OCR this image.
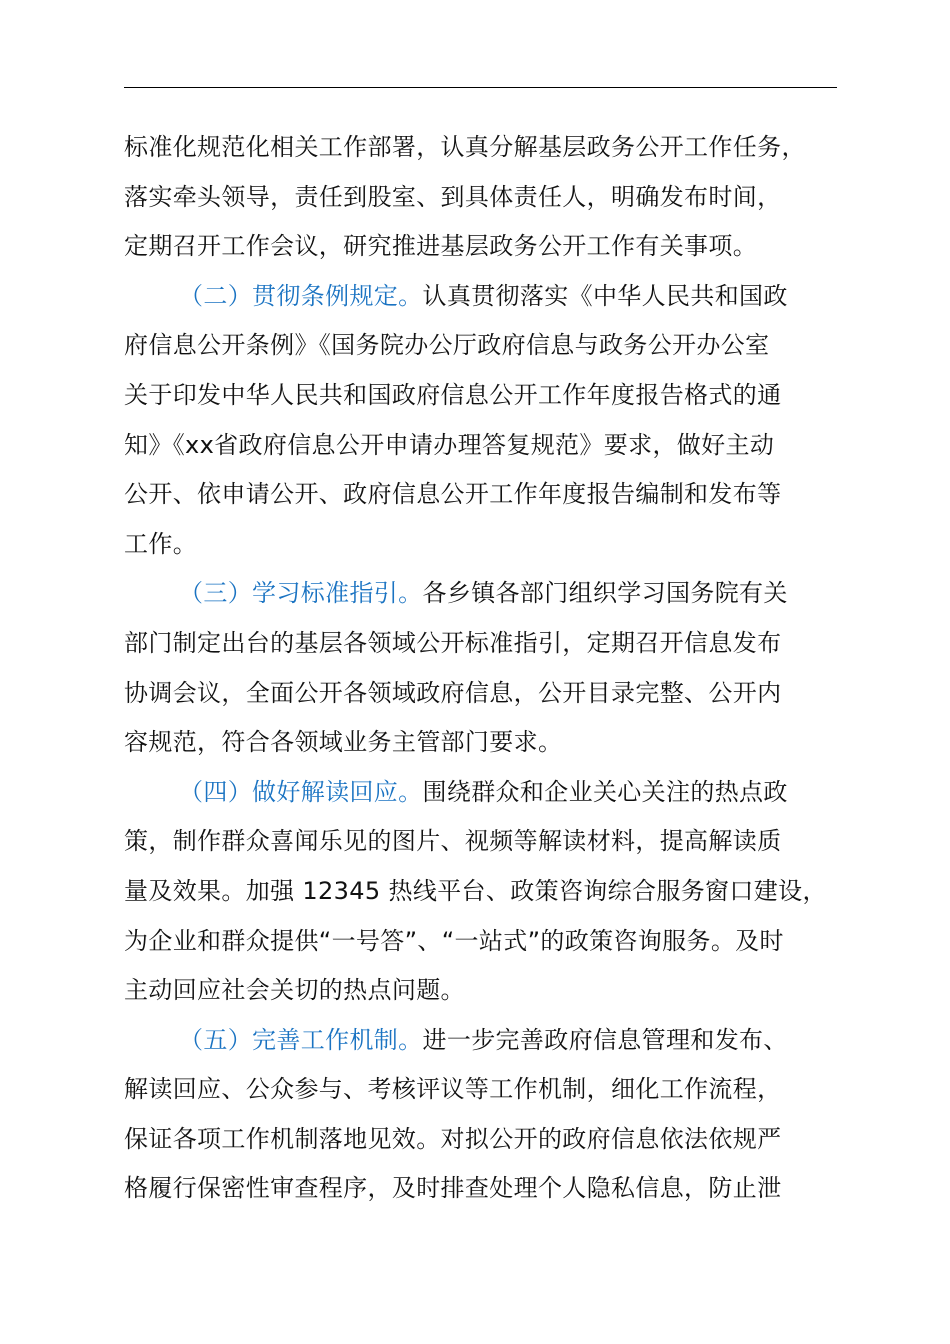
标准化规范化相关工作部署，认真分解基层政务公开工作任务，
落实牵头领导，责任到股室、到具体责任人，明确发布时间，
定期召开工作会议，研究推进基层政务公开工作有关事项。
（二）贯彻条例规定。认真贯彻落实《中华人民共和国政
府信息公开条例》《国务院办公厅政府信息与政务公开办公室
关于印发中华人民共和国政府信息公开工作年度报告格式的通
知》《xx省政府信息公开申请办理答复规范》要求，做好主动
公开、依申请公开、政府信息公开工作年度报告编制和发布等
工作。
（三）学习标准指引。各乡镇各部门组织学习国务院有关
部门制定出台的基层各领域公开标准指引，定期召开信息发布
协调会议，全面公开各领域政府信息，公开目录完整、公开内
容规范，符合各领域业务主管部门要求。
（四）做好解读回应。围绕群众和企业关心关注的热点政
策，制作群众喜闻乐见的图片、视频等解读材料，提高解读质
量及效果。加强 12345 热线平台、政策咨询综合服务窗口建设，
为企业和群众提供“一号答”、“一站式”的政策咨询服务。及时
主动回应社会关切的热点问题。
（五）完善工作机制。进一步完善政府信息管理和发布、
解读回应、公众参与、考核评议等工作机制，细化工作流程，
保证各项工作机制落地见效。对拟公开的政府信息依法依规严
格履行保密性审查程序，及时排查处理个人隐私信息，防止泄
